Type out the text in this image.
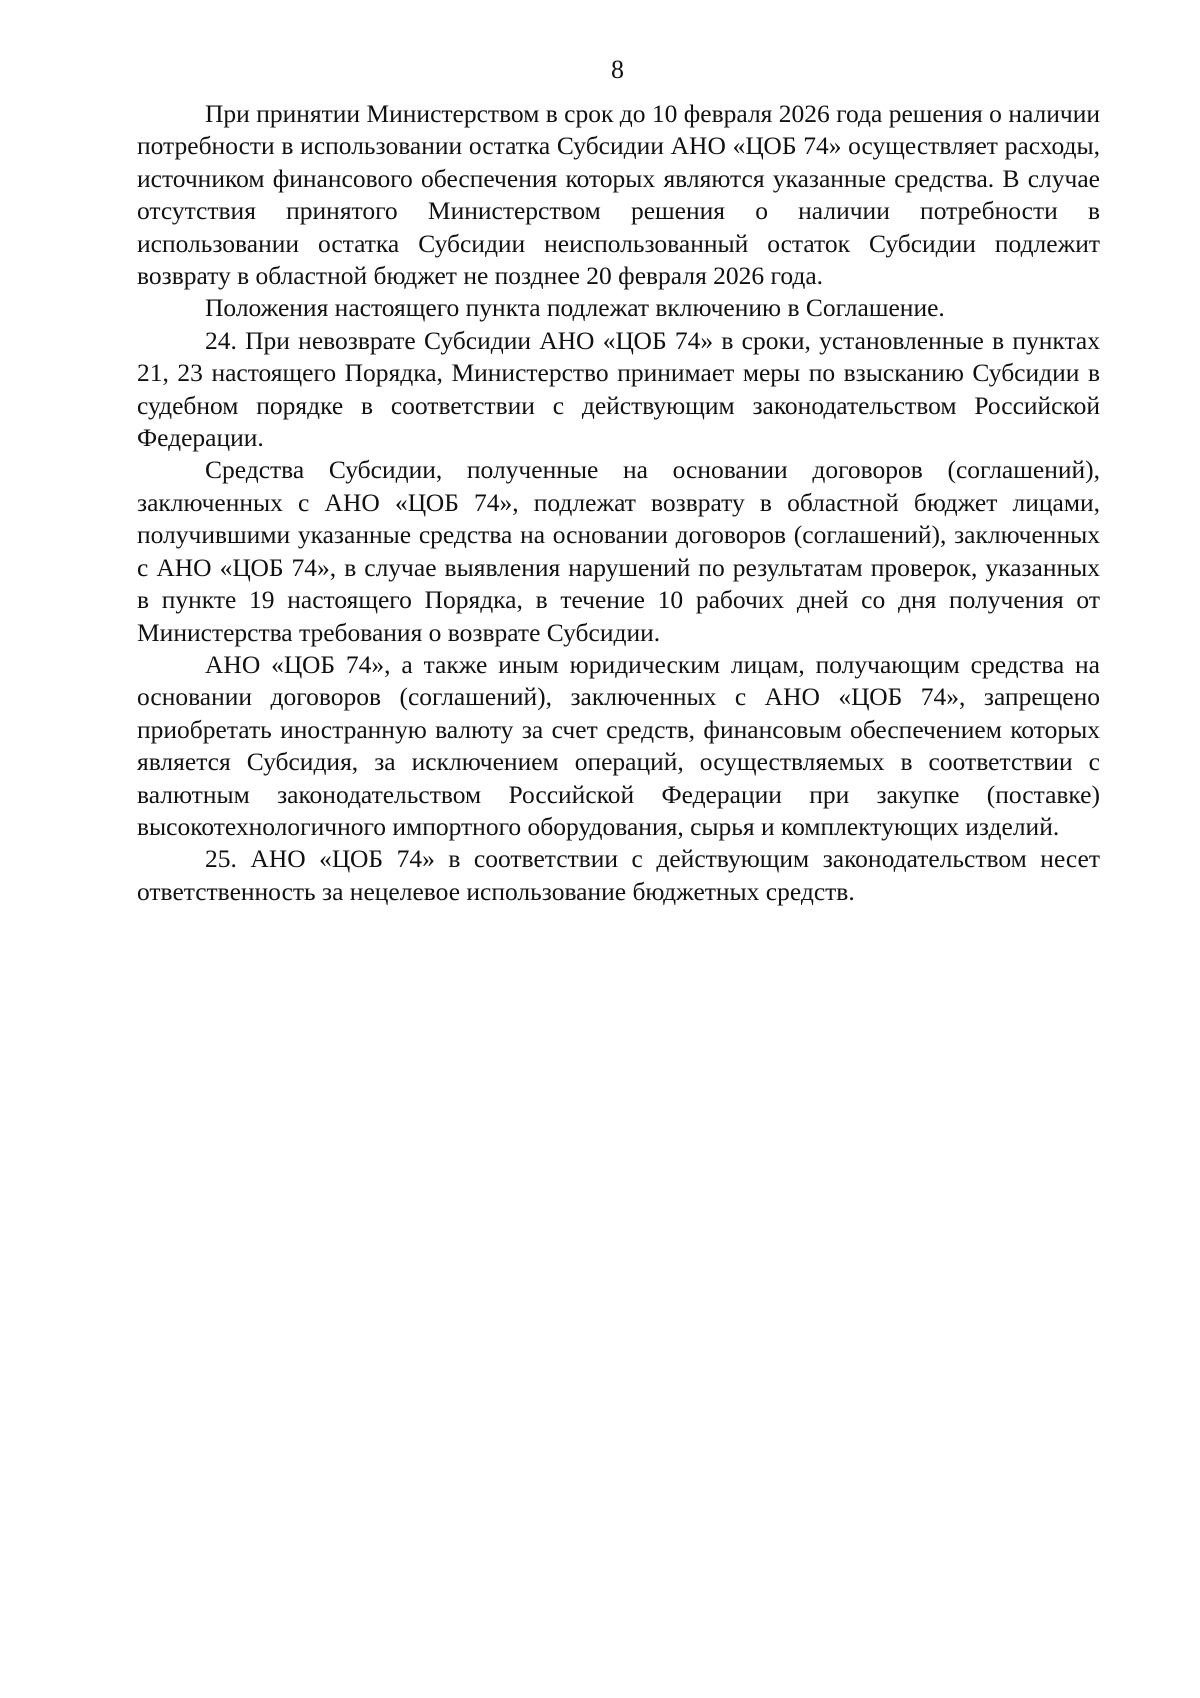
8

При принятии Министерством в срок до 10 февраля 2026 года решения о наличии потребности в использовании остатка Субсидии АНО «ЦОБ 74» осуществляет расходы, источником финансового обеспечения которых являются указанные средства. В случае отсутствия принятого Министерством решения о наличии потребности в использовании остатка Субсидии неиспользованный остаток Субсидии подлежит возврату в областной бюджет не позднее 20 февраля 2026 года.

Положения настоящего пункта подлежат включению в Соглашение.

24. При невозврате Субсидии АНО «ЦОБ 74» в сроки, установленные в пунктах 21, 23 настоящего Порядка, Министерство принимает меры по взысканию Субсидии в судебном порядке в соответствии с действующим законодательством Российской Федерации.

Средства Субсидии, полученные на основании договоров (соглашений), заключенных с АНО «ЦОБ 74», подлежат возврату в областной бюджет лицами, получившими указанные средства на основании договоров (соглашений), заключенных с АНО «ЦОБ 74», в случае выявления нарушений по результатам проверок, указанных в пункте 19 настоящего Порядка, в течение 10 рабочих дней со дня получения от Министерства требования о возврате Субсидии.

АНО «ЦОБ 74», а также иным юридическим лицам, получающим средства на основании договоров (соглашений), заключенных с АНО «ЦОБ 74», запрещено приобретать иностранную валюту за счет средств, финансовым обеспечением которых является Субсидия, за исключением операций, осуществляемых в соответствии с валютным законодательством Российской Федерации при закупке (поставке) высокотехнологичного импортного оборудования, сырья и комплектующих изделий.

25. АНО «ЦОБ 74» в соответствии с действующим законодательством несет ответственность за нецелевое использование бюджетных средств.
